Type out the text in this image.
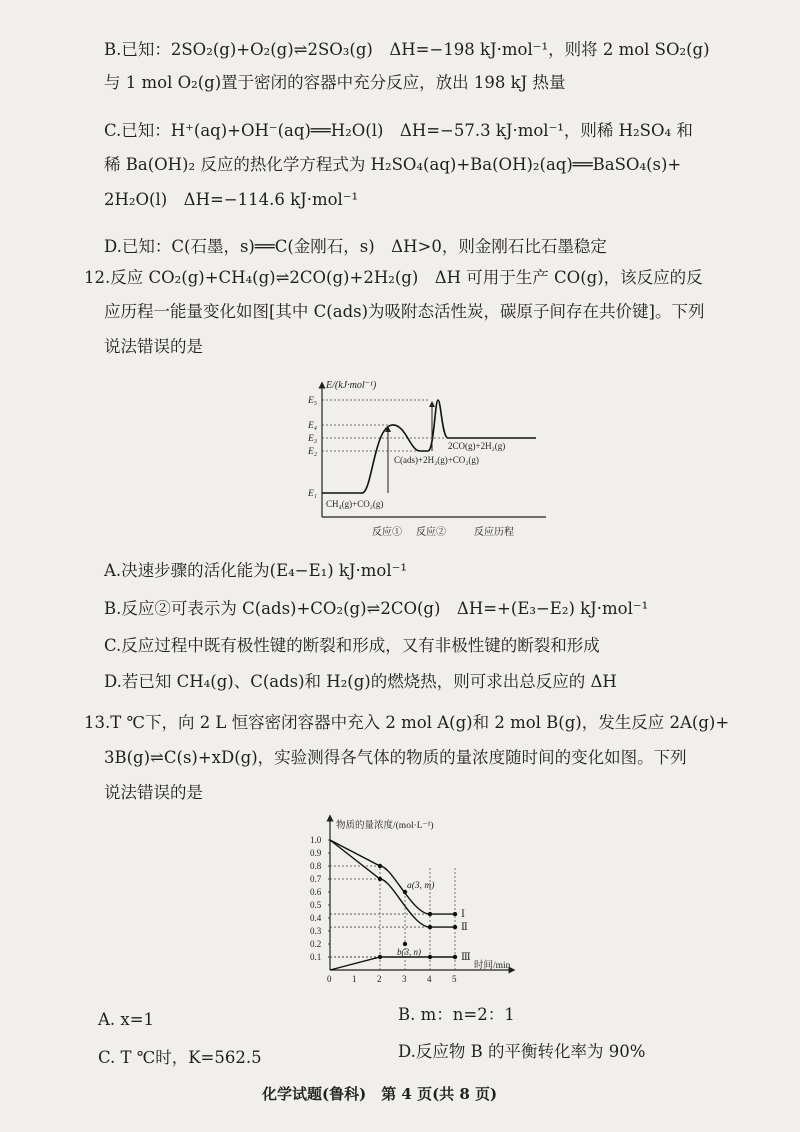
B.已知：2SO₂(g)+O₂(g)⇌2SO₃(g)　ΔH=−198 kJ·mol⁻¹，则将 2 mol SO₂(g)
与 1 mol O₂(g)置于密闭的容器中充分反应，放出 198 kJ 热量
C.已知：H⁺(aq)+OH⁻(aq)══H₂O(l)　ΔH=−57.3 kJ·mol⁻¹，则稀 H₂SO₄ 和
稀 Ba(OH)₂ 反应的热化学方程式为 H₂SO₄(aq)+Ba(OH)₂(aq)══BaSO₄(s)+
2H₂O(l)　ΔH=−114.6 kJ·mol⁻¹
D.已知：C(石墨，s)══C(金刚石，s)　ΔH>0，则金刚石比石墨稳定
12.反应 CO₂(g)+CH₄(g)⇌2CO(g)+2H₂(g)　ΔH 可用于生产 CO(g)，该反应的反
应历程一能量变化如图[其中 C(ads)为吸附态活性炭，碳原子间存在共价键]。下列
说法错误的是
E/(kJ·mol⁻¹)
E₅
E₄
E₃
E₂
E₁
2CO(g)+2H₂(g)
C(ads)+2H₂(g)+CO₂(g)
CH₄(g)+CO₂(g)
反应① 反应②	反应历程
A.决速步骤的活化能为(E₄−E₁) kJ·mol⁻¹
B.反应②可表示为 C(ads)+CO₂(g)⇌2CO(g)　ΔH=+(E₃−E₂) kJ·mol⁻¹
C.反应过程中既有极性键的断裂和形成，又有非极性键的断裂和形成
D.若已知 CH₄(g)、C(ads)和 H₂(g)的燃烧热，则可求出总反应的 ΔH
13.T ℃下，向 2 L 恒容密闭容器中充入 2 mol A(g)和 2 mol B(g)，发生反应 2A(g)+
3B(g)⇌C(s)+xD(g)，实验测得各气体的物质的量浓度随时间的变化如图。下列
说法错误的是
物质的量浓度/(mol·L⁻¹)
时间/min
1.0
0.9
0.8
0.7
0.6
0.5
0.4
0.3
0.2
0.1
0 1 2 3 4 5
a(3, m)
b(3, n)
Ⅰ
Ⅱ
Ⅲ
B. m：n=2：1
A. x=1
D.反应物 B 的平衡转化率为 90%
C. T ℃时，K=562.5
化学试题(鲁科)　第 4 页(共 8 页)
